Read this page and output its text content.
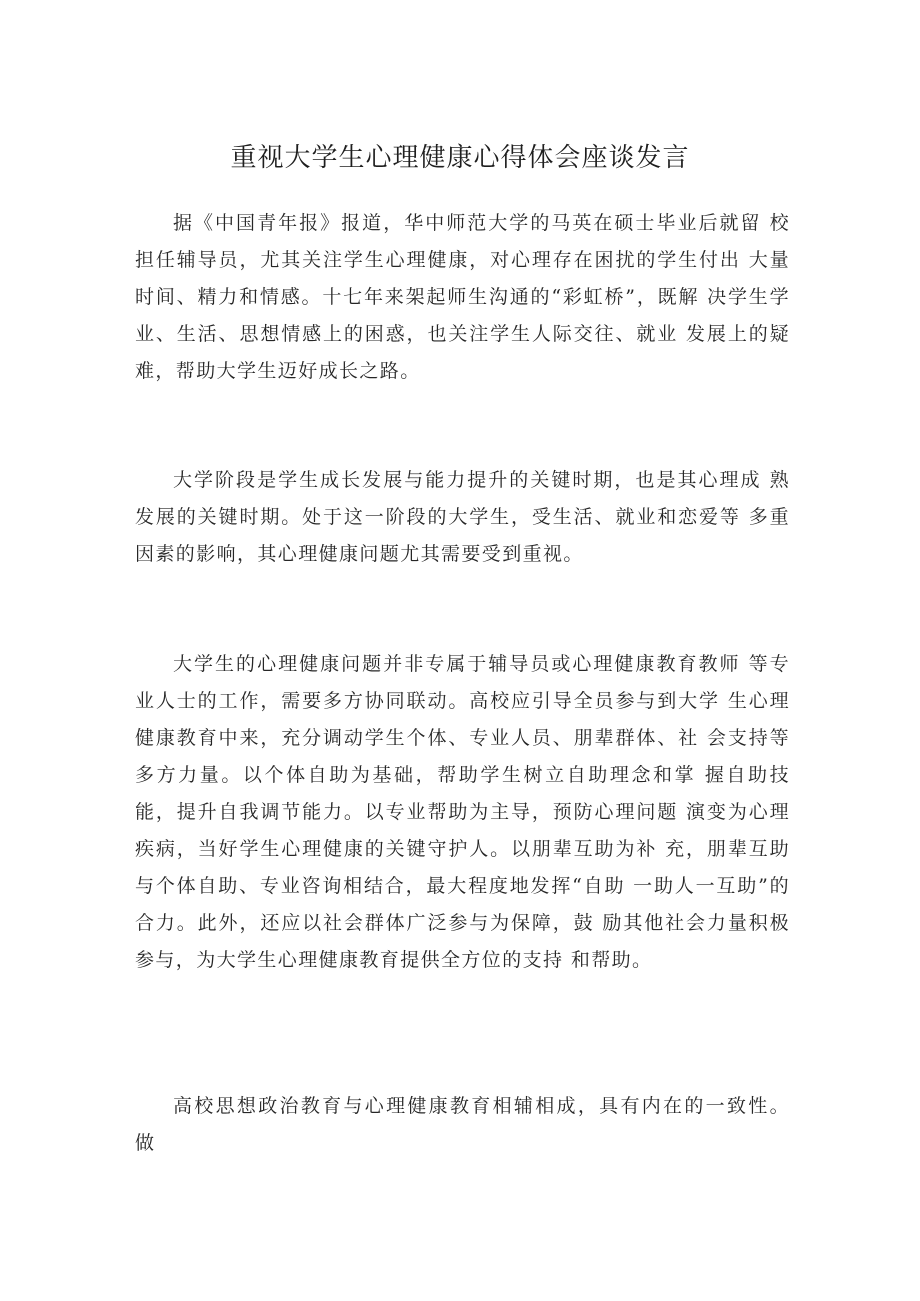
重视大学生心理健康心得体会座谈发言

据《中国青年报》报道，华中师范大学的马英在硕士毕业后就留 校担任辅导员，尤其关注学生心理健康，对心理存在困扰的学生付出 大量时间、精力和情感。十七年来架起师生沟通的“彩虹桥”，既解 决学生学业、生活、思想情感上的困惑，也关注学生人际交往、就业 发展上的疑难，帮助大学生迈好成长之路。

大学阶段是学生成长发展与能力提升的关键时期，也是其心理成 熟发展的关键时期。处于这一阶段的大学生，受生活、就业和恋爱等 多重因素的影响，其心理健康问题尤其需要受到重视。

大学生的心理健康问题并非专属于辅导员或心理健康教育教师 等专业人士的工作，需要多方协同联动。高校应引导全员参与到大学 生心理健康教育中来，充分调动学生个体、专业人员、朋辈群体、社 会支持等多方力量。以个体自助为基础，帮助学生树立自助理念和掌 握自助技能，提升自我调节能力。以专业帮助为主导，预防心理问题 演变为心理疾病，当好学生心理健康的关键守护人。以朋辈互助为补 充，朋辈互助与个体自助、专业咨询相结合，最大程度地发挥“自助 一助人一互助”的合力。此外，还应以社会群体广泛参与为保障，鼓 励其他社会力量积极参与，为大学生心理健康教育提供全方位的支持 和帮助。

高校思想政治教育与心理健康教育相辅相成，具有内在的一致性。 做
